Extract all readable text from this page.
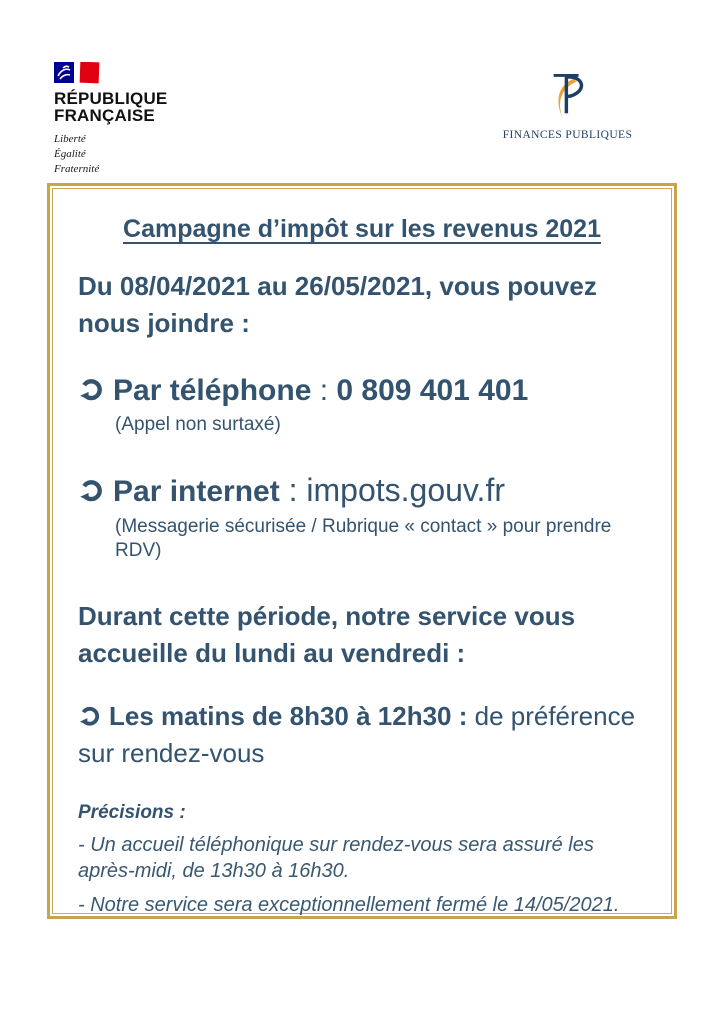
RÉPUBLIQUE
FRANÇAISE
Liberté
Égalité
Fraternité
FINANCES PUBLIQUES
Campagne d’impôt sur les revenus 2021
Du 08/04/2021 au 26/05/2021, vous pouvez nous joindre :
Par téléphone : 0 809 401 401
(Appel non surtaxé)
Par internet : impots.gouv.fr
(Messagerie sécurisée / Rubrique « contact » pour prendre RDV)
Durant cette période, notre service vous accueille du lundi au vendredi :
Les matins de 8h30 à 12h30 : de préférence sur rendez-vous
Précisions :
- Un accueil téléphonique sur rendez-vous sera assuré les après-midi, de 13h30 à 16h30.
- Notre service sera exceptionnellement fermé le 14/05/2021.
